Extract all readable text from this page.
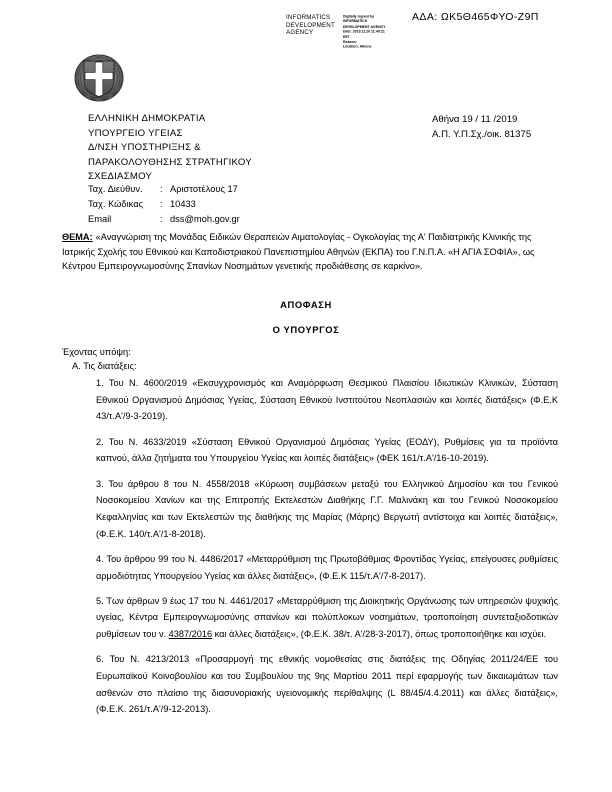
ΑΔΑ: ΩΚ5Θ465ΦΥΟ-Ζ9Π
INFORMATICS DEVELOPMENT AGENCY
Digitally signed by
INFORMATICS
DEVELOPMENT AGENCY
Date: 2019.11.20 11:49:21
EET
Reason:
Location: Athens
ΕΛΛΗΝΙΚΗ ΔΗΜΟΚΡΑΤΙΑ
ΥΠΟΥΡΓΕΙΟ ΥΓΕΙΑΣ
Δ/ΝΣΗ ΥΠΟΣΤΗΡΙΞΗΣ &
ΠΑΡΑΚΟΛΟΥΘΗΣΗΣ ΣΤΡΑΤΗΓΙΚΟΥ
ΣΧΕΔΙΑΣΜΟΥ
Ταχ. Διεύθυν.	: Αριστοτέλους 17
Ταχ. Κώδικας	: 10433
Email	: dss@moh.gov.gr
Αθήνα 19 / 11 /2019
Α.Π. Υ.Π.Σχ./οικ. 81375
ΘΕΜΑ: «Αναγνώριση της Μονάδας Ειδικών Θεραπειών Αιματολογίας - Ογκολογίας της Α' Παιδιατρικής Κλινικής της Ιατρικής Σχολής του Εθνικού και Καποδιστριακού Πανεπιστημίου Αθηνών (ΕΚΠΑ) του Γ.Ν.Π.Α. «Η ΑΓΙΑ ΣΟΦΙΑ», ως Κέντρου Εμπειρογνωμοσύνης Σπανίων Νοσημάτων γενετικής προδιάθεσης σε καρκίνο».
ΑΠΟΦΑΣΗ
Ο ΥΠΟΥΡΓΟΣ
Έχοντας υπόψη:
Α. Τις διατάξεις:
1. Του Ν. 4600/2019 «Εκσυγχρονισμός και Αναμόρφωση Θεσμικού Πλαισίου Ιδιωτικών Κλινικών, Σύσταση Εθνικού Οργανισμού Δημόσιας Υγείας, Σύσταση Εθνικού Ινστιτούτου Νεοπλασιών και λοιπές διατάξεις» (Φ.Ε.Κ 43/τ.Α'/9-3-2019).
2. Του Ν. 4633/2019 «Σύσταση Εθνικού Οργανισμού Δημόσιας Υγείας (ΕΟΔΥ), Ρυθμίσεις για τα προϊόντα καπνού, άλλα ζητήματα του Υπουργείου Υγείας και λοιπές διατάξεις» (ΦΕΚ 161/τ.Α'/16-10-2019).
3. Του άρθρου 8 του Ν. 4558/2018 «Κύρωση συμβάσεων μεταξύ του Ελληνικού Δημοσίου και του Γενικού Νοσοκομείου Χανίων και της Επιτροπής Εκτελεστών Διαθήκης Γ.Γ. Μαλινάκη και του Γενικού Νοσοκομείου Κεφαλληνίας και των Εκτελεστών της διαθήκης της Μαρίας (Μάρης) Βεργωτή αντίστοιχα και λοιπές διατάξεις», (Φ.Ε.Κ. 140/τ.Α'/1-8-2018).
4. Του άρθρου 99 του Ν. 4486/2017 «Μεταρρύθμιση της Πρωτοβάθμιας Φροντίδας Υγείας, επείγουσες ρυθμίσεις αρμοδιότητας Υπουργείου Υγείας και άλλες διατάξεις», (Φ.Ε.Κ 115/τ.Α'/7-8-2017).
5. Των άρθρων 9 έως 17 του Ν. 4461/2017 «Μεταρρύθμιση της Διοικητικής Οργάνωσης των υπηρεσιών ψυχικής υγείας, Κέντρα Εμπειρογνωμοσύνης σπανίων και πολύπλοκων νοσημάτων, τροποποίηση συντεταξιοδοτικών ρυθμίσεων του ν. 4387/2016 και άλλες διατάξεις», (Φ.Ε.Κ. 38/τ. Α'/28-3-2017), όπως τροποποιήθηκε και ισχύει.
6. Του Ν. 4213/2013 «Προσαρμογή της εθνικής νομοθεσίας στις διατάξεις της Οδηγίας 2011/24/ΕΕ του Ευρωπαϊκού Κοινοβουλίου και του Συμβουλίου της 9ης Μαρτίου 2011 περί εφαρμογής των δικαιωμάτων των ασθενών στο πλαίσιο της διασυνοριακής υγειονομικής περίθαλψης (L 88/45/4.4.2011) και άλλες διατάξεις», (Φ.Ε.Κ. 261/τ.Α'/9-12-2013).
